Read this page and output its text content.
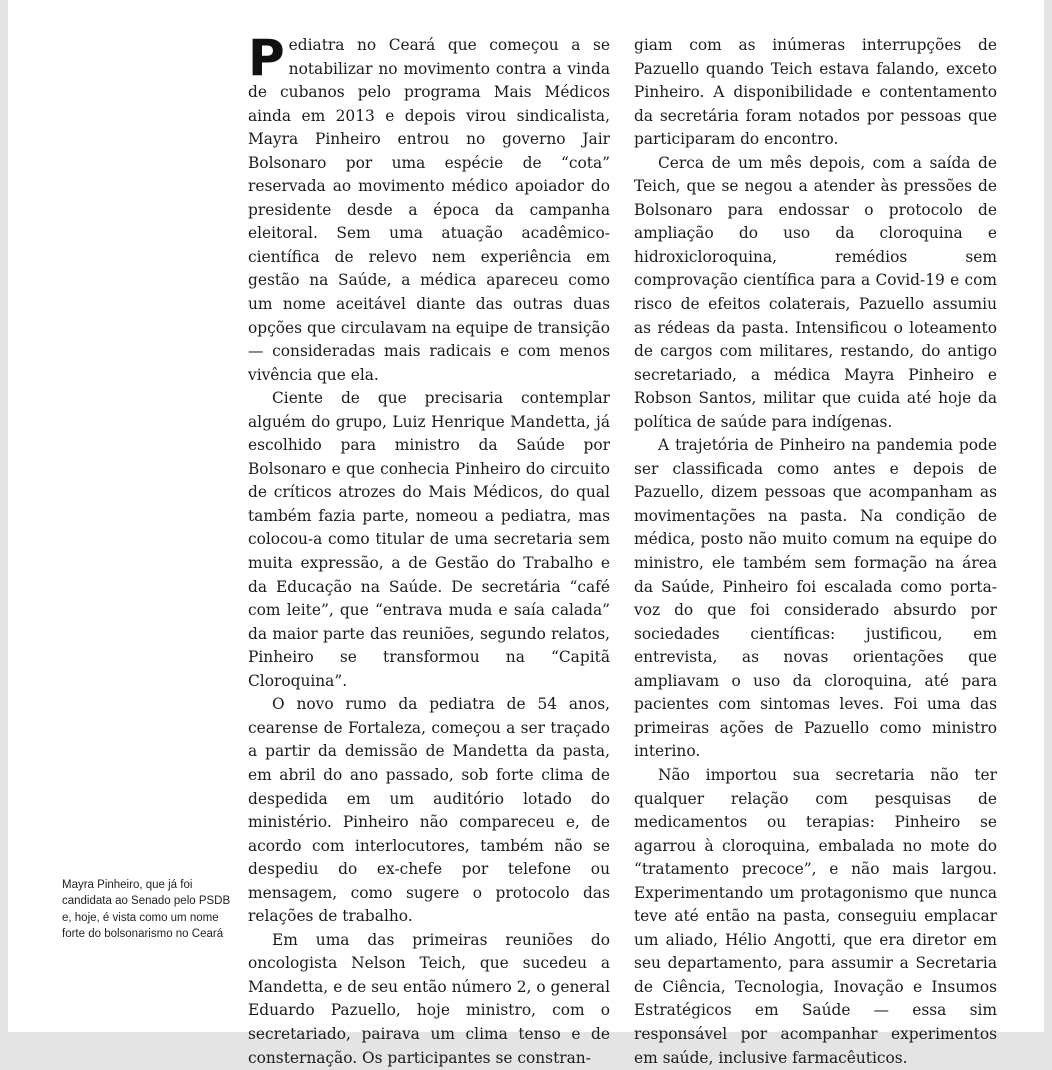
Mayra Pinheiro, que já foi candidata ao Senado pelo PSDB e, hoje, é vista como um nome forte do bolsonarismo no Ceará

Pediatra no Ceará que começou a se notabilizar no movimento contra a vinda de cubanos pelo programa Mais Médicos ainda em 2013 e depois virou sindicalista, Mayra Pinheiro entrou no governo Jair Bolsonaro por uma espécie de “cota” reservada ao movimento médico apoiador do presidente desde a época da campanha eleitoral. Sem uma atuação acadêmico-científica de relevo nem experiência em gestão na Saúde, a médica apareceu como um nome aceitável diante das outras duas opções que circulavam na equipe de transição — consideradas mais radicais e com menos vivência que ela.

Ciente de que precisaria contemplar alguém do grupo, Luiz Henrique Mandetta, já escolhido para ministro da Saúde por Bolsonaro e que conhecia Pinheiro do circuito de críticos atrozes do Mais Médicos, do qual também fazia parte, nomeou a pediatra, mas colocou-a como titular de uma secretaria sem muita expressão, a de Gestão do Trabalho e da Educação na Saúde. De secretária “café com leite”, que “entrava muda e saía calada” da maior parte das reuniões, segundo relatos, Pinheiro se transformou na “Capitã Cloroquina”.

O novo rumo da pediatra de 54 anos, cearense de Fortaleza, começou a ser traçado a partir da demissão de Mandetta da pasta, em abril do ano passado, sob forte clima de despedida em um auditório lotado do ministério. Pinheiro não compareceu e, de acordo com interlocutores, também não se despediu do ex-chefe por telefone ou mensagem, como sugere o protocolo das relações de trabalho.

Em uma das primeiras reuniões do oncologista Nelson Teich, que sucedeu a Mandetta, e de seu então número 2, o general Eduardo Pazuello, hoje ministro, com o secretariado, pairava um clima tenso e de consternação. Os participantes se constran-

giam com as inúmeras interrupções de Pazuello quando Teich estava falando, exceto Pinheiro. A disponibilidade e contentamento da secretária foram notados por pessoas que participaram do encontro.

Cerca de um mês depois, com a saída de Teich, que se negou a atender às pressões de Bolsonaro para endossar o protocolo de ampliação do uso da cloroquina e hidroxicloroquina, remédios sem comprovação científica para a Covid-19 e com risco de efeitos colaterais, Pazuello assumiu as rédeas da pasta. Intensificou o loteamento de cargos com militares, restando, do antigo secretariado, a médica Mayra Pinheiro e Robson Santos, militar que cuida até hoje da política de saúde para indígenas.

A trajetória de Pinheiro na pandemia pode ser classificada como antes e depois de Pazuello, dizem pessoas que acompanham as movimentações na pasta. Na condição de médica, posto não muito comum na equipe do ministro, ele também sem formação na área da Saúde, Pinheiro foi escalada como porta-voz do que foi considerado absurdo por sociedades científicas: justificou, em entrevista, as novas orientações que ampliavam o uso da cloroquina, até para pacientes com sintomas leves. Foi uma das primeiras ações de Pazuello como ministro interino.

Não importou sua secretaria não ter qualquer relação com pesquisas de medicamentos ou terapias: Pinheiro se agarrou à cloroquina, embalada no mote do “tratamento precoce”, e não mais largou. Experimentando um protagonismo que nunca teve até então na pasta, conseguiu emplacar um aliado, Hélio Angotti, que era diretor em seu departamento, para assumir a Secretaria de Ciência, Tecnologia, Inovação e Insumos Estratégicos em Saúde — essa sim responsável por acompanhar experimentos em saúde, inclusive farmacêuticos.
